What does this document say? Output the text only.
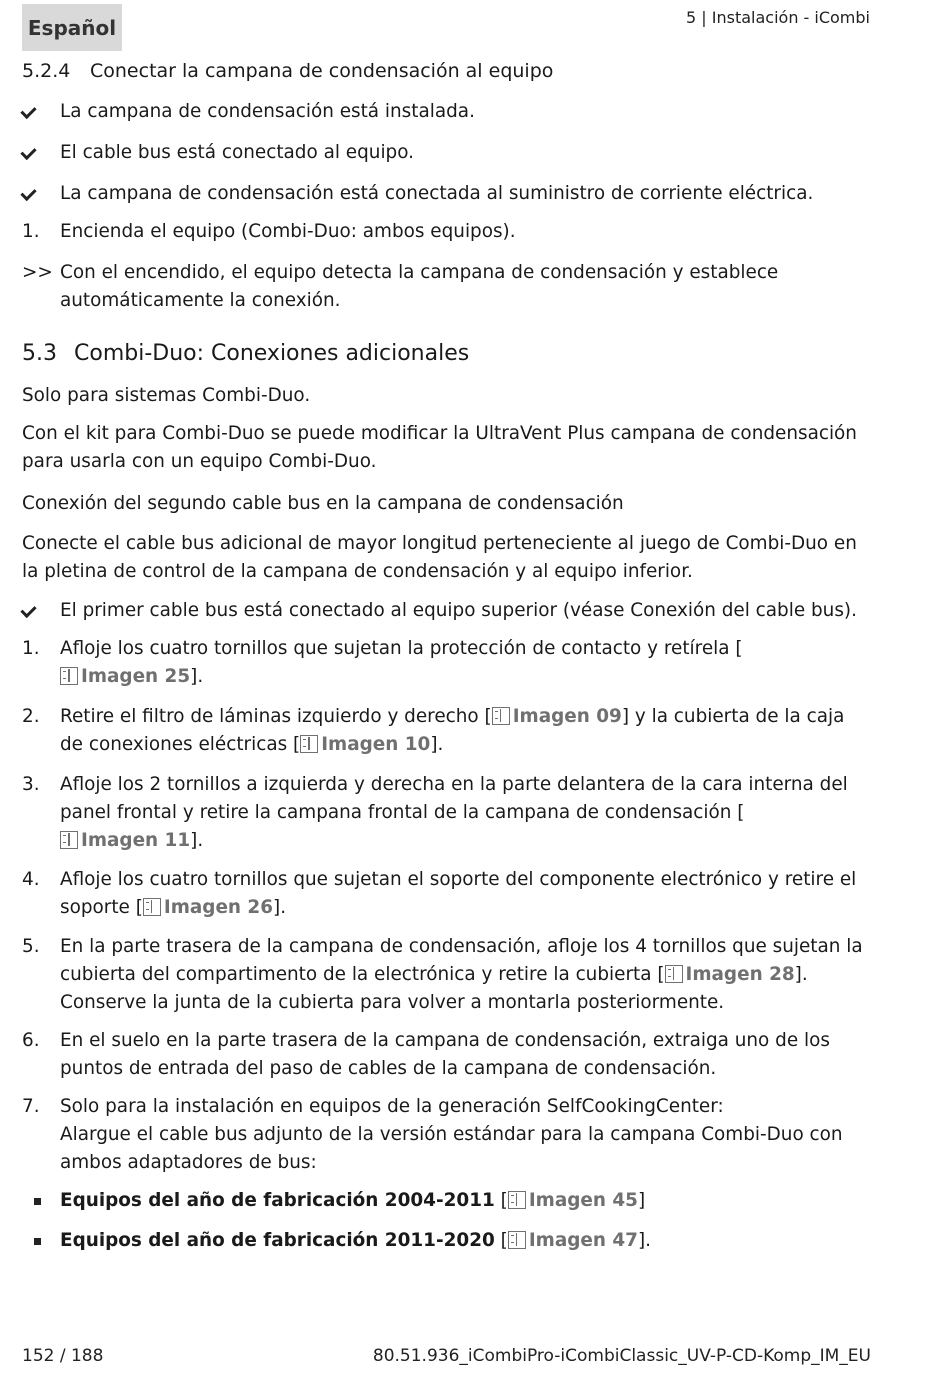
Español	5 | Instalación - iCombi
5.2.4 Conectar la campana de condensación al equipo
La campana de condensación está instalada.
El cable bus está conectado al equipo.
La campana de condensación está conectada al suministro de corriente eléctrica.
1.	Encienda el equipo (Combi-Duo: ambos equipos).
>> Con el encendido, el equipo detecta la campana de condensación y establece automáticamente la conexión.
5.3 Combi-Duo: Conexiones adicionales
Solo para sistemas Combi-Duo.
Con el kit para Combi-Duo se puede modificar la UltraVent Plus campana de condensación para usarla con un equipo Combi-Duo.
Conexión del segundo cable bus en la campana de condensación
Conecte el cable bus adicional de mayor longitud perteneciente al juego de Combi-Duo en la pletina de control de la campana de condensación y al equipo inferior.
El primer cable bus está conectado al equipo superior (véase Conexión del cable bus).
1.	Afloje los cuatro tornillos que sujetan la protección de contacto y retírela [Imagen 25].
2.	Retire el filtro de láminas izquierdo y derecho [ Imagen 09] y la cubierta de la caja de conexiones eléctricas [ Imagen 10].
3.	Afloje los 2 tornillos a izquierda y derecha en la parte delantera de la cara interna del panel frontal y retire la campana frontal de la campana de condensación [Imagen 11].
4.	Afloje los cuatro tornillos que sujetan el soporte del componente electrónico y retire el soporte [ Imagen 26].
5.	En la parte trasera de la campana de condensación, afloje los 4 tornillos que sujetan la cubierta del compartimento de la electrónica y retire la cubierta [ Imagen 28]. Conserve la junta de la cubierta para volver a montarla posteriormente.
6.	En el suelo en la parte trasera de la campana de condensación, extraiga uno de los puntos de entrada del paso de cables de la campana de condensación.
7.	Solo para la instalación en equipos de la generación SelfCookingCenter:
Alargue el cable bus adjunto de la versión estándar para la campana Combi-Duo con ambos adaptadores de bus:
Equipos del año de fabricación 2004-2011 [ Imagen 45]
Equipos del año de fabricación 2011-2020 [ Imagen 47].
152 / 188	80.51.936_iCombiPro-iCombiClassic_UV-P-CD-Komp_IM_EU
